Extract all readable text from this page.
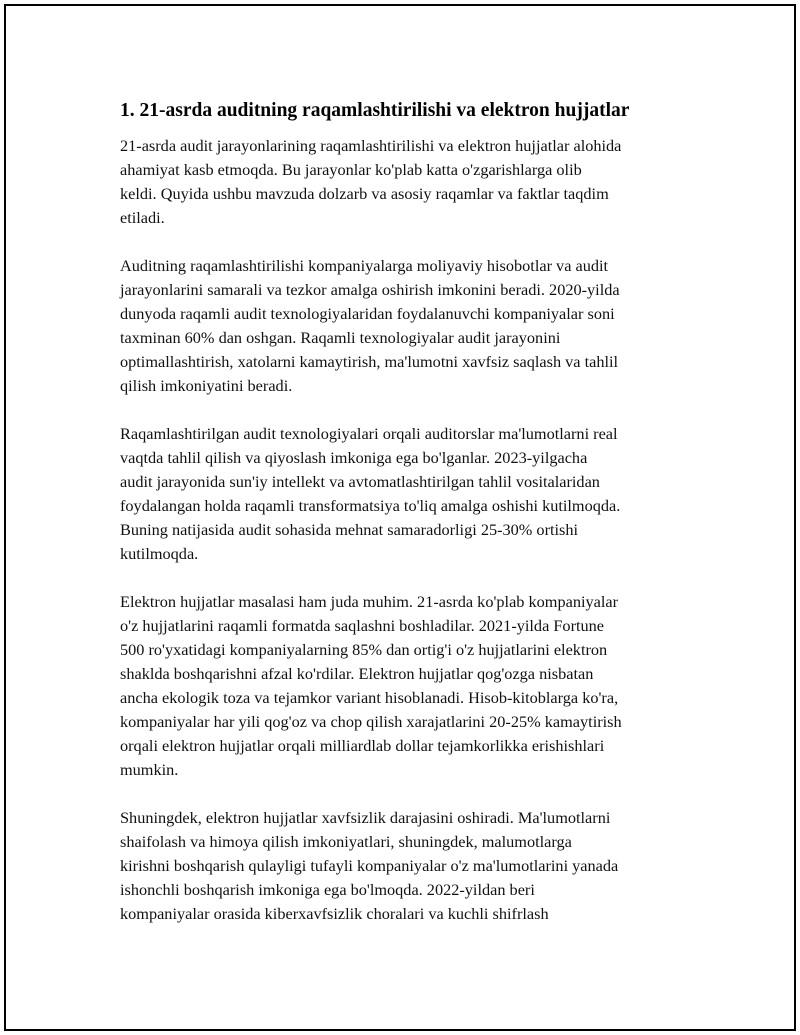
1. 21-asrda auditning raqamlashtirilishi va elektron hujjatlar

21-asrda audit jarayonlarining raqamlashtirilishi va elektron hujjatlar alohida
ahamiyat kasb etmoqda. Bu jarayonlar ko'plab katta o'zgarishlarga olib
keldi. Quyida ushbu mavzuda dolzarb va asosiy raqamlar va faktlar taqdim
etiladi.

Auditning raqamlashtirilishi kompaniyalarga moliyaviy hisobotlar va audit
jarayonlarini samarali va tezkor amalga oshirish imkonini beradi. 2020-yilda
dunyoda raqamli audit texnologiyalaridan foydalanuvchi kompaniyalar soni
taxminan 60% dan oshgan. Raqamli texnologiyalar audit jarayonini
optimallashtirish, xatolarni kamaytirish, ma'lumotni xavfsiz saqlash va tahlil
qilish imkoniyatini beradi.

Raqamlashtirilgan audit texnologiyalari orqali auditorslar ma'lumotlarni real
vaqtda tahlil qilish va qiyoslash imkoniga ega bo'lganlar. 2023-yilgacha
audit jarayonida sun'iy intellekt va avtomatlashtirilgan tahlil vositalaridan
foydalangan holda raqamli transformatsiya to'liq amalga oshishi kutilmoqda.
Buning natijasida audit sohasida mehnat samaradorligi 25-30% ortishi
kutilmoqda.

Elektron hujjatlar masalasi ham juda muhim. 21-asrda ko'plab kompaniyalar
o'z hujjatlarini raqamli formatda saqlashni boshladilar. 2021-yilda Fortune
500 ro'yxatidagi kompaniyalarning 85% dan ortig'i o'z hujjatlarini elektron
shaklda boshqarishni afzal ko'rdilar. Elektron hujjatlar qog'ozga nisbatan
ancha ekologik toza va tejamkor variant hisoblanadi. Hisob-kitoblarga ko'ra,
kompaniyalar har yili qog'oz va chop qilish xarajatlarini 20-25% kamaytirish
orqali elektron hujjatlar orqali milliardlab dollar tejamkorlikka erishishlari
mumkin.

Shuningdek, elektron hujjatlar xavfsizlik darajasini oshiradi. Ma'lumotlarni
shaifolash va himoya qilish imkoniyatlari, shuningdek, malumotlarga
kirishni boshqarish qulayligi tufayli kompaniyalar o'z ma'lumotlarini yanada
ishonchli boshqarish imkoniga ega bo'lmoqda. 2022-yildan beri
kompaniyalar orasida kiberxavfsizlik choralari va kuchli shifrlash
